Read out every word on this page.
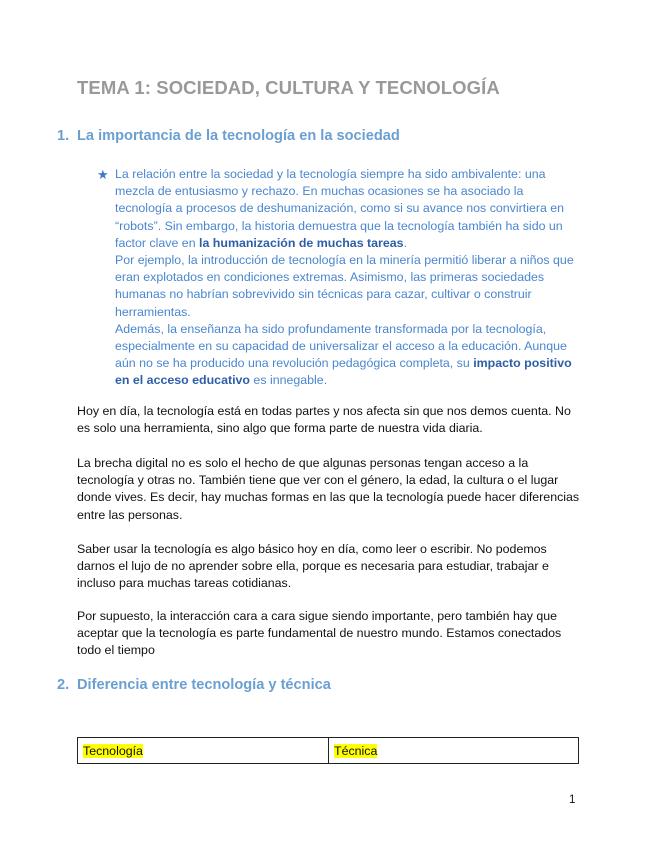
TEMA 1: SOCIEDAD, CULTURA Y TECNOLOGÍA
1. La importancia de la tecnología en la sociedad
★ La relación entre la sociedad y la tecnología siempre ha sido ambivalente: una mezcla de entusiasmo y rechazo. En muchas ocasiones se ha asociado la tecnología a procesos de deshumanización, como si su avance nos convirtiera en “robots”. Sin embargo, la historia demuestra que la tecnología también ha sido un factor clave en la humanización de muchas tareas.
Por ejemplo, la introducción de tecnología en la minería permitió liberar a niños que eran explotados en condiciones extremas. Asimismo, las primeras sociedades humanas no habrían sobrevivido sin técnicas para cazar, cultivar o construir herramientas.
Además, la enseñanza ha sido profundamente transformada por la tecnología, especialmente en su capacidad de universalizar el acceso a la educación. Aunque aún no se ha producido una revolución pedagógica completa, su impacto positivo en el acceso educativo es innegable.
Hoy en día, la tecnología está en todas partes y nos afecta sin que nos demos cuenta. No es solo una herramienta, sino algo que forma parte de nuestra vida diaria.
La brecha digital no es solo el hecho de que algunas personas tengan acceso a la tecnología y otras no. También tiene que ver con el género, la edad, la cultura o el lugar donde vives. Es decir, hay muchas formas en las que la tecnología puede hacer diferencias entre las personas.
Saber usar la tecnología es algo básico hoy en día, como leer o escribir. No podemos darnos el lujo de no aprender sobre ella, porque es necesaria para estudiar, trabajar e incluso para muchas tareas cotidianas.
Por supuesto, la interacción cara a cara sigue siendo importante, pero también hay que aceptar que la tecnología es parte fundamental de nuestro mundo. Estamos conectados todo el tiempo
2. Diferencia entre tecnología y técnica
Tecnología	Técnica
1
